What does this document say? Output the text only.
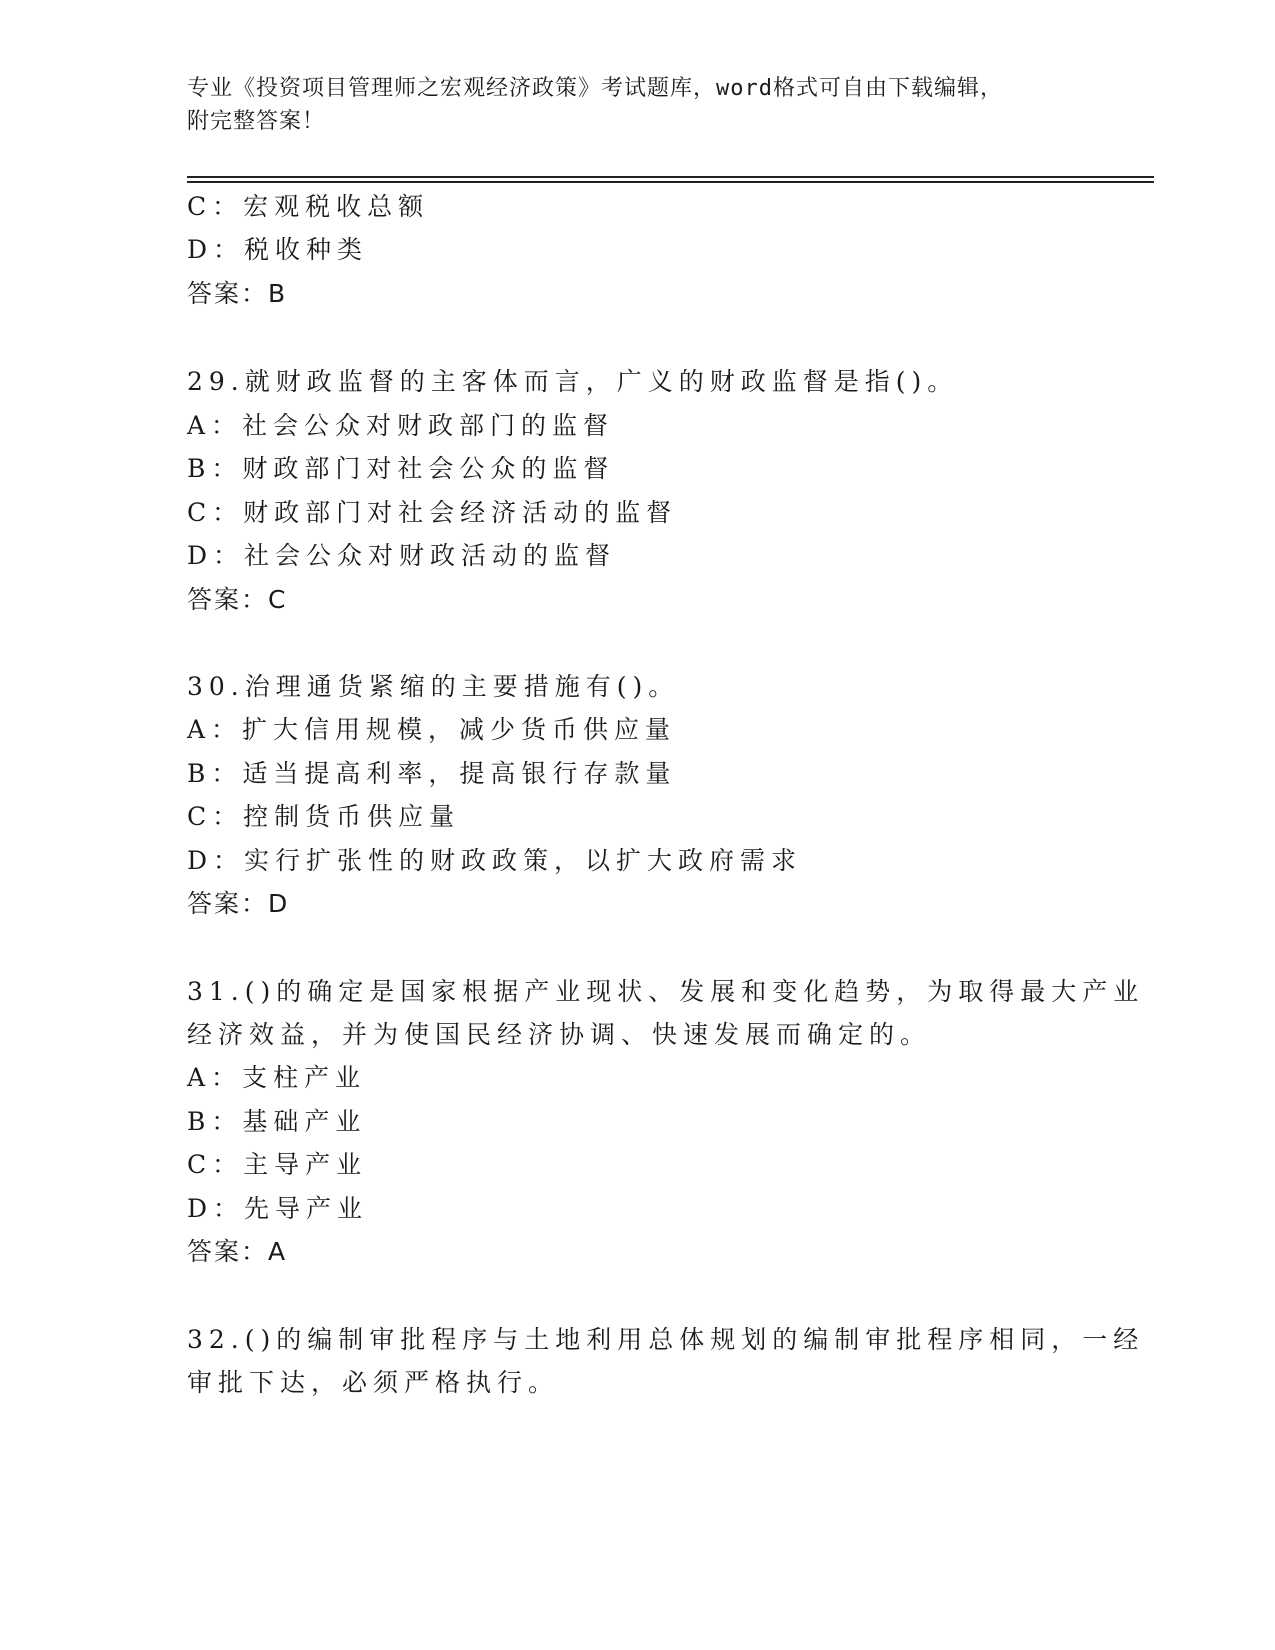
专业《投资项目管理师之宏观经济政策》考试题库，word格式可自由下载编辑，
附完整答案！
C：宏观税收总额
D：税收种类
答案：B
29.就财政监督的主客体而言，广义的财政监督是指()。
A：社会公众对财政部门的监督
B：财政部门对社会公众的监督
C：财政部门对社会经济活动的监督
D：社会公众对财政活动的监督
答案：C
30.治理通货紧缩的主要措施有()。
A：扩大信用规模，减少货币供应量
B：适当提高利率，提高银行存款量
C：控制货币供应量
D：实行扩张性的财政政策，以扩大政府需求
答案：D
31.()的确定是国家根据产业现状、发展和变化趋势，为取得最大产业
经济效益，并为使国民经济协调、快速发展而确定的。
A：支柱产业
B：基础产业
C：主导产业
D：先导产业
答案：A
32.()的编制审批程序与土地利用总体规划的编制审批程序相同，一经
审批下达，必须严格执行。
